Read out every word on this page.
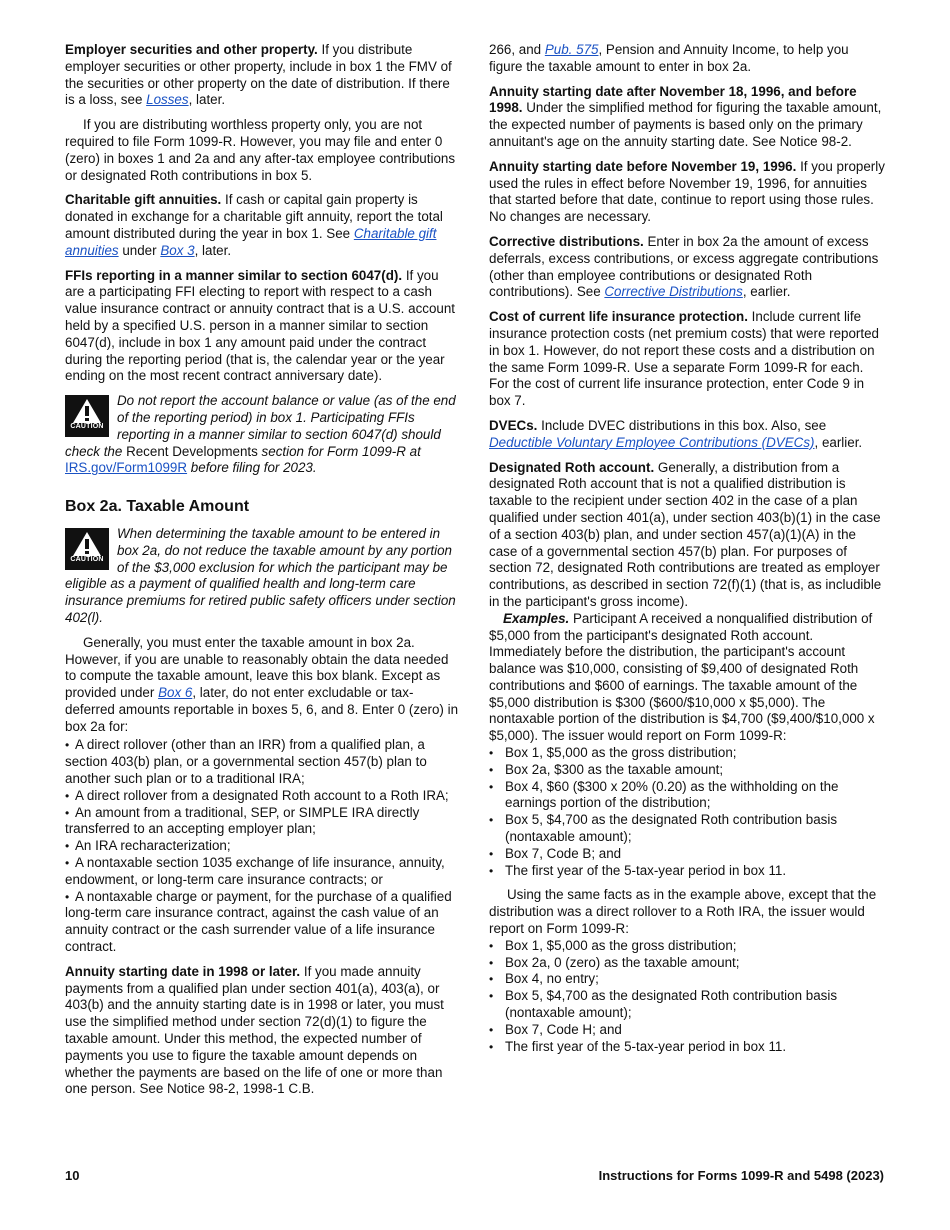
Employer securities and other property. If you distribute employer securities or other property, include in box 1 the FMV of the securities or other property on the date of distribution. If there is a loss, see Losses, later.

If you are distributing worthless property only, you are not required to file Form 1099-R. However, you may file and enter 0 (zero) in boxes 1 and 2a and any after-tax employee contributions or designated Roth contributions in box 5.

Charitable gift annuities. If cash or capital gain property is donated in exchange for a charitable gift annuity, report the total amount distributed during the year in box 1. See Charitable gift annuities under Box 3, later.

FFIs reporting in a manner similar to section 6047(d). If you are a participating FFI electing to report with respect to a cash value insurance contract or annuity contract that is a U.S. account held by a specified U.S. person in a manner similar to section 6047(d), include in box 1 any amount paid under the contract during the reporting period (that is, the calendar year or the year ending on the most recent contract anniversary date).

CAUTION
Do not report the account balance or value (as of the end of the reporting period) in box 1. Participating FFIs reporting in a manner similar to section 6047(d) should check the Recent Developments section for Form 1099-R at IRS.gov/Form1099R before filing for 2023.
Box 2a. Taxable Amount
CAUTION
When determining the taxable amount to be entered in box 2a, do not reduce the taxable amount by any portion of the $3,000 exclusion for which the participant may be eligible as a payment of qualified health and long-term care insurance premiums for retired public safety officers under section 402(l).

Generally, you must enter the taxable amount in box 2a. However, if you are unable to reasonably obtain the data needed to compute the taxable amount, leave this box blank. Except as provided under Box 6, later, do not enter excludable or tax-deferred amounts reportable in boxes 5, 6, and 8. Enter 0 (zero) in box 2a for:

• A direct rollover (other than an IRR) from a qualified plan, a section 403(b) plan, or a governmental section 457(b) plan to another such plan or to a traditional IRA;
• A direct rollover from a designated Roth account to a Roth IRA;
• An amount from a traditional, SEP, or SIMPLE IRA directly transferred to an accepting employer plan;
• An IRA recharacterization;
• A nontaxable section 1035 exchange of life insurance, annuity, endowment, or long-term care insurance contracts; or
• A nontaxable charge or payment, for the purchase of a qualified long-term care insurance contract, against the cash value of an annuity contract or the cash surrender value of a life insurance contract.

Annuity starting date in 1998 or later. If you made annuity payments from a qualified plan under section 401(a), 403(a), or 403(b) and the annuity starting date is in 1998 or later, you must use the simplified method under section 72(d)(1) to figure the taxable amount. Under this method, the expected number of payments you use to figure the taxable amount depends on whether the payments are based on the life of one or more than one person. See Notice 98-2, 1998-1 C.B.

266, and Pub. 575, Pension and Annuity Income, to help you figure the taxable amount to enter in box 2a.

Annuity starting date after November 18, 1996, and before 1998. Under the simplified method for figuring the taxable amount, the expected number of payments is based only on the primary annuitant's age on the annuity starting date. See Notice 98-2.

Annuity starting date before November 19, 1996. If you properly used the rules in effect before November 19, 1996, for annuities that started before that date, continue to report using those rules. No changes are necessary.

Corrective distributions. Enter in box 2a the amount of excess deferrals, excess contributions, or excess aggregate contributions (other than employee contributions or designated Roth contributions). See Corrective Distributions, earlier.

Cost of current life insurance protection. Include current life insurance protection costs (net premium costs) that were reported in box 1. However, do not report these costs and a distribution on the same Form 1099-R. Use a separate Form 1099-R for each. For the cost of current life insurance protection, enter Code 9 in box 7.

DVECs. Include DVEC distributions in this box. Also, see Deductible Voluntary Employee Contributions (DVECs), earlier.

Designated Roth account. Generally, a distribution from a designated Roth account that is not a qualified distribution is taxable to the recipient under section 402 in the case of a plan qualified under section 401(a), under section 403(b)(1) in the case of a section 403(b) plan, and under section 457(a)(1)(A) in the case of a governmental section 457(b) plan. For purposes of section 72, designated Roth contributions are treated as employer contributions, as described in section 72(f)(1) (that is, as includible in the participant's gross income).

Examples. Participant A received a nonqualified distribution of $5,000 from the participant's designated Roth account. Immediately before the distribution, the participant's account balance was $10,000, consisting of $9,400 of designated Roth contributions and $600 of earnings. The taxable amount of the $5,000 distribution is $300 ($600/$10,000 x $5,000). The nontaxable portion of the distribution is $4,700 ($9,400/$10,000 x $5,000). The issuer would report on Form 1099-R:

• Box 1, $5,000 as the gross distribution;
• Box 2a, $300 as the taxable amount;
• Box 4, $60 ($300 x 20% (0.20) as the withholding on the earnings portion of the distribution;
• Box 5, $4,700 as the designated Roth contribution basis (nontaxable amount);
• Box 7, Code B; and
• The first year of the 5-tax-year period in box 11.

Using the same facts as in the example above, except that the distribution was a direct rollover to a Roth IRA, the issuer would report on Form 1099-R:

• Box 1, $5,000 as the gross distribution;
• Box 2a, 0 (zero) as the taxable amount;
• Box 4, no entry;
• Box 5, $4,700 as the designated Roth contribution basis (nontaxable amount);
• Box 7, Code H; and
• The first year of the 5-tax-year period in box 11.
10	Instructions for Forms 1099-R and 5498 (2023)
